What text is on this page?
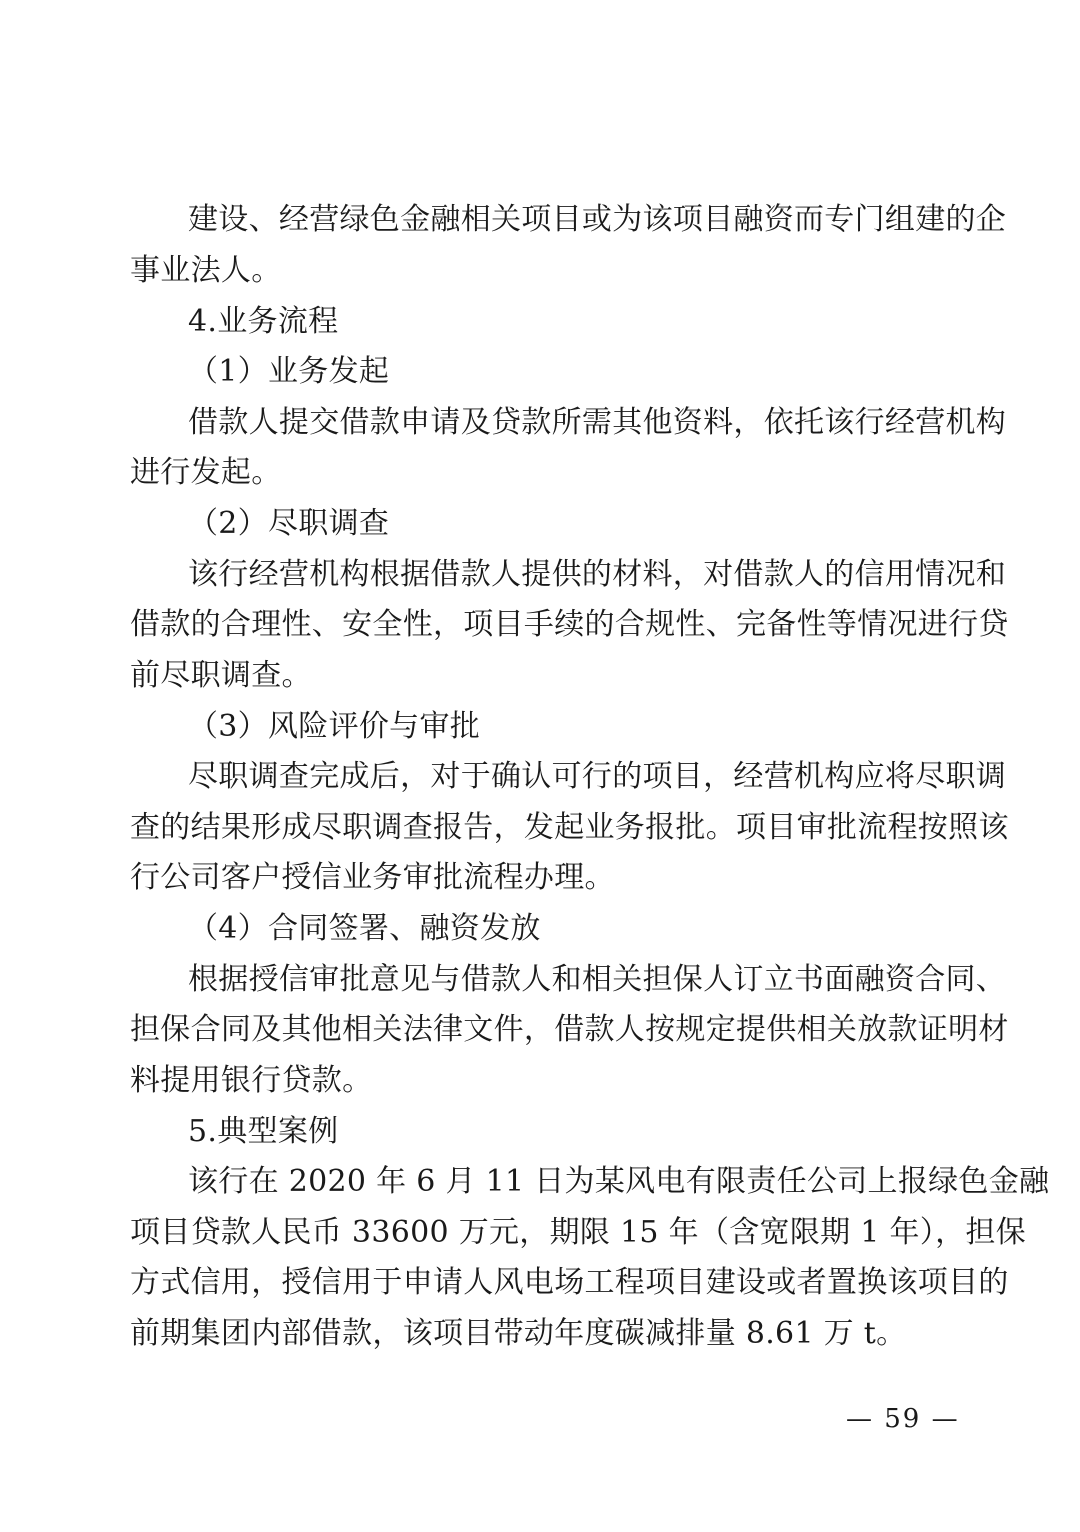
建设、经营绿色金融相关项目或为该项目融资而专门组建的企
事业法人。
4.业务流程
（1）业务发起
借款人提交借款申请及贷款所需其他资料，依托该行经营机构
进行发起。
（2）尽职调查
该行经营机构根据借款人提供的材料，对借款人的信用情况和
借款的合理性、安全性，项目手续的合规性、完备性等情况进行贷
前尽职调查。
（3）风险评价与审批
尽职调查完成后，对于确认可行的项目，经营机构应将尽职调
查的结果形成尽职调查报告，发起业务报批。项目审批流程按照该
行公司客户授信业务审批流程办理。
（4）合同签署、融资发放
根据授信审批意见与借款人和相关担保人订立书面融资合同、
担保合同及其他相关法律文件，借款人按规定提供相关放款证明材
料提用银行贷款。
5.典型案例
该行在 2020 年 6 月 11 日为某风电有限责任公司上报绿色金融
项目贷款人民币 33600 万元，期限 15 年（含宽限期 1 年），担保
方式信用，授信用于申请人风电场工程项目建设或者置换该项目的
前期集团内部借款，该项目带动年度碳减排量 8.61 万 t。
— 59 —
